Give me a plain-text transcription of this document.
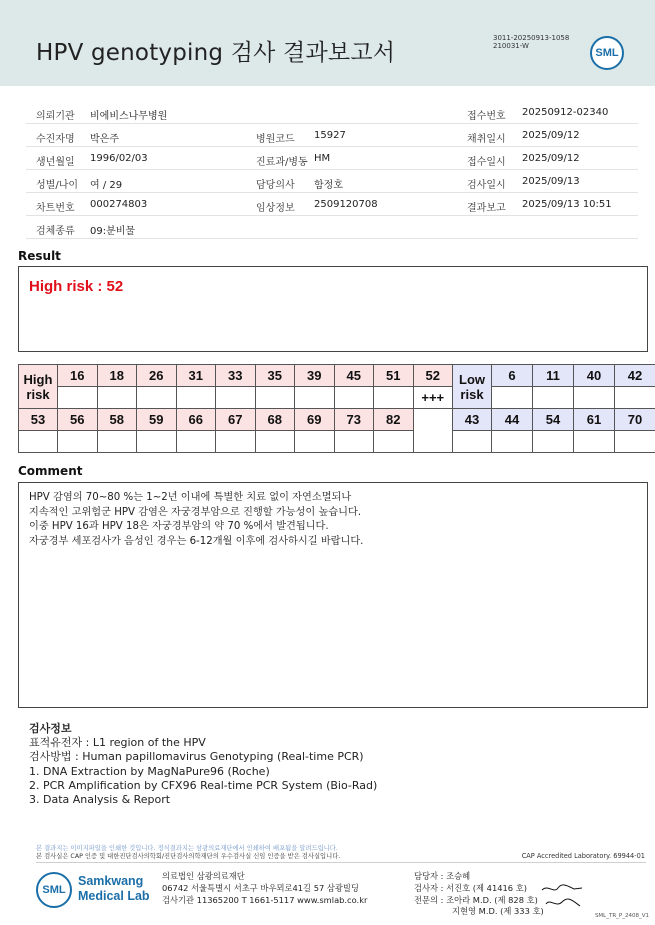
HPV genotyping 검사 결과보고서
3011-20250913-1058
210031-W
SML
의뢰기관 비에비스나무병원	접수번호 20250912-02340
수진자명 박은주	병원코드 15927	채취일시 2025/09/12
생년월일 1996/02/03	진료과/병동 HM	접수일시 2025/09/12
성별/나이 여 / 29	담당의사 함정호	검사일시 2025/09/13
차트번호 000274803	임상정보 2509120708	결과보고 2025/09/13 10:51
검체종류 09:분비물
Result
High risk : 52
High risk	16	18	26	31	33	35	39	45	51	52	Low risk	6	11	40	42
										+++					
53	56	58	59	66	67	68	69	73	82		43	44	54	61	70

Comment
HPV 감염의 70~80 %는 1~2년 이내에 특별한 치료 없이 자연소멸되나
지속적인 고위험군 HPV 감염은 자궁경부암으로 진행할 가능성이 높습니다.
이중 HPV 16과 HPV 18은 자궁경부암의 약 70 %에서 발견됩니다.
자궁경부 세포검사가 음성인 경우는 6-12개월 이후에 검사하시길 바랍니다.
검사정보
표적유전자 : L1 region of the HPV
검사방법 : Human papillomavirus Genotyping (Real-time PCR)
1. DNA Extraction by MagNaPure96 (Roche)
2. PCR Amplification by CFX96 Real-time PCR System (Bio-Rad)
3. Data Analysis & Report
본 결과지는 이미지파일을 인쇄한 것입니다. 정식결과지는 삼광의료재단에서 인쇄하여 배포됨을 알려드립니다.
본 검사실은 CAP 인증 및 대한진단검사의학회/진단검사의학재단의 우수검사실 신임 인증을 받은 검사실입니다.	CAP Accredited Laboratory. 69944-01
SML
Samkwang
Medical Lab
의료법인 삼광의료재단
06742 서울특별시 서초구 바우뫼로41길 57 삼광빌딩
검사기관 11365200 T 1661-5117 www.smlab.co.kr
담당자 : 조승혜
검사자 : 서진호 (제 41416 호)
전문의 : 조아라 M.D. (제 828 호)
지현영 M.D. (제 333 호)	SML_TR_P_2408_V1
